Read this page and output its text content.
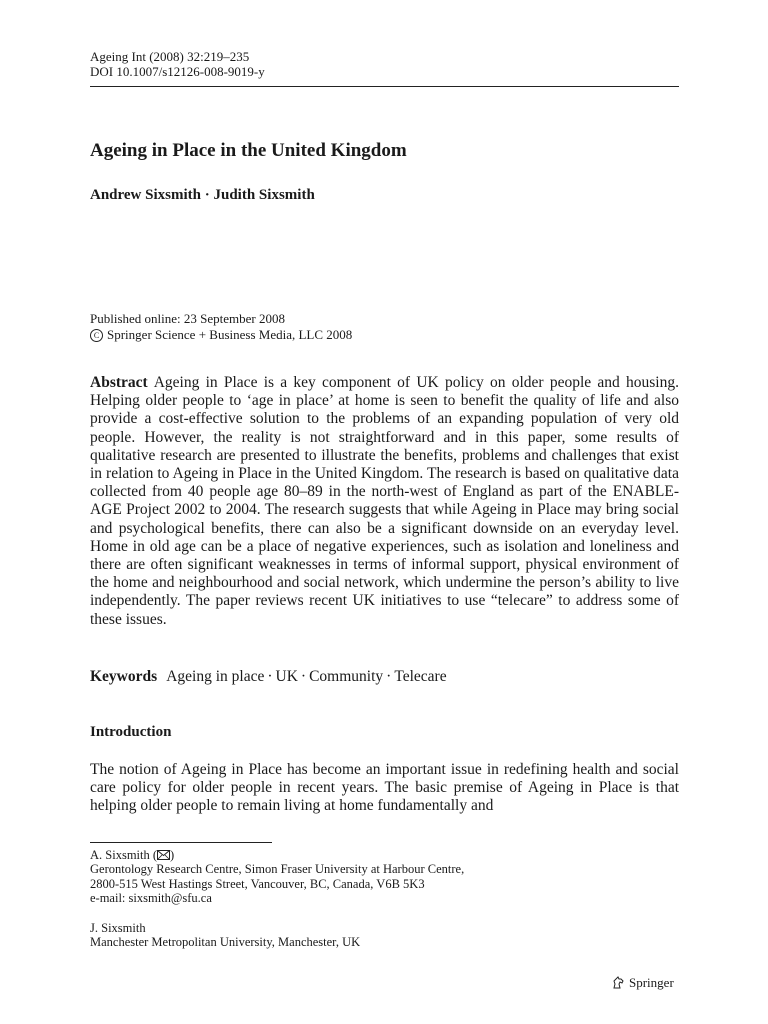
Ageing Int (2008) 32:219–235
DOI 10.1007/s12126-008-9019-y
Ageing in Place in the United Kingdom
Andrew Sixsmith · Judith Sixsmith
Published online: 23 September 2008
C Springer Science + Business Media, LLC 2008
Abstract Ageing in Place is a key component of UK policy on older people and housing. Helping older people to ‘age in place’ at home is seen to benefit the quality of life and also provide a cost-effective solution to the problems of an expanding population of very old people. However, the reality is not straightforward and in this paper, some results of qualitative research are presented to illustrate the benefits, problems and challenges that exist in relation to Ageing in Place in the United Kingdom. The research is based on qualitative data collected from 40 people age 80–89 in the north-west of England as part of the ENABLE-AGE Project 2002 to 2004. The research suggests that while Ageing in Place may bring social and psychological benefits, there can also be a significant downside on an everyday level. Home in old age can be a place of negative experiences, such as isolation and loneliness and there are often significant weaknesses in terms of informal support, physical environment of the home and neighbourhood and social network, which undermine the person’s ability to live independently. The paper reviews recent UK initiatives to use “telecare” to address some of these issues.
Keywords Ageing in place · UK · Community · Telecare
Introduction
The notion of Ageing in Place has become an important issue in redefining health and social care policy for older people in recent years. The basic premise of Ageing in Place is that helping older people to remain living at home fundamentally and
A. Sixsmith ( )
Gerontology Research Centre, Simon Fraser University at Harbour Centre,
2800-515 West Hastings Street, Vancouver, BC, Canada, V6B 5K3
e-mail: sixsmith@sfu.ca
J. Sixsmith
Manchester Metropolitan University, Manchester, UK
Springer
